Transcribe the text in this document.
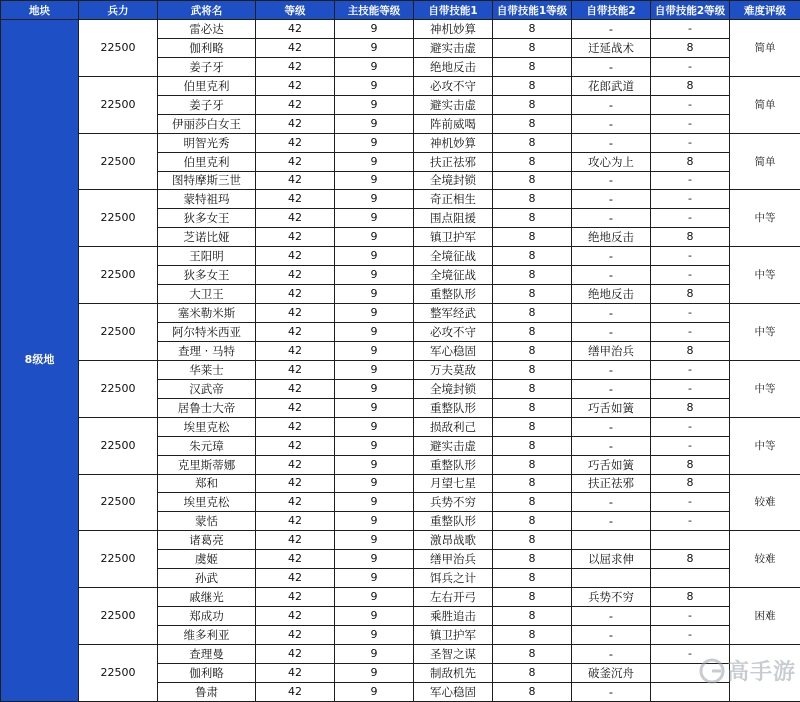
地块	兵力	武将名	等级	主技能等级	自带技能1	自带技能1等级	自带技能2	自带技能2等级	难度评级
8级地	22500	雷必达	42	9	神机妙算	8	-	-	简单
		伽利略	42	9	避实击虚	8	迁延战术	8	
		姜子牙	42	9	绝地反击	8	-	-	
	22500	伯里克利	42	9	必攻不守	8	花郎武道	8	简单
		姜子牙	42	9	避实击虚	8	-	-	
		伊丽莎白女王	42	9	阵前威喝	8	-	-	
	22500	明智光秀	42	9	神机妙算	8	-	-	简单
		伯里克利	42	9	扶正祛邪	8	攻心为上	8	
		图特摩斯三世	42	9	全境封锁	8	-	-	
	22500	蒙特祖玛	42	9	奇正相生	8	-	-	中等
		狄多女王	42	9	围点阻援	8	-	-	
		芝诺比娅	42	9	镇卫护军	8	绝地反击	8	
	22500	王阳明	42	9	全境征战	8	-	-	中等
		狄多女王	42	9	全境征战	8	-	-	
		大卫王	42	9	重整队形	8	绝地反击	8	
	22500	塞米勒米斯	42	9	整军经武	8	-	-	中等
		阿尔特米西亚	42	9	必攻不守	8	-	-	
		查理 · 马特	42	9	军心稳固	8	缮甲治兵	8	
	22500	华莱士	42	9	万夫莫敌	8	-	-	中等
		汉武帝	42	9	全境封锁	8	-	-	
		居鲁士大帝	42	9	重整队形	8	巧舌如簧	8	
	22500	埃里克松	42	9	损敌利己	8	-	-	中等
		朱元璋	42	9	避实击虚	8	-	-	
		克里斯蒂娜	42	9	重整队形	8	巧舌如簧	8	
	22500	郑和	42	9	月望七星	8	扶正祛邪	8	较难
		埃里克松	42	9	兵势不穷	8	-	-	
		蒙恬	42	9	重整队形	8	-	-	
	22500	诸葛亮	42	9	激昂战歌	8			较难
		虞姬	42	9	缮甲治兵	8	以屈求伸	8	
		孙武	42	9	饵兵之计	8			
	22500	戚继光	42	9	左右开弓	8	兵势不穷	8	困难
		郑成功	42	9	乘胜追击	8	-	-	
		维多利亚	42	9	镇卫护军	8	-	-	
	22500	查理曼	42	9	圣智之谋	8	-	-	
		伽利略	42	9	制敌机先	8	破釜沉舟		
		鲁肃	42	9	军心稳固	8	-		
高手游
